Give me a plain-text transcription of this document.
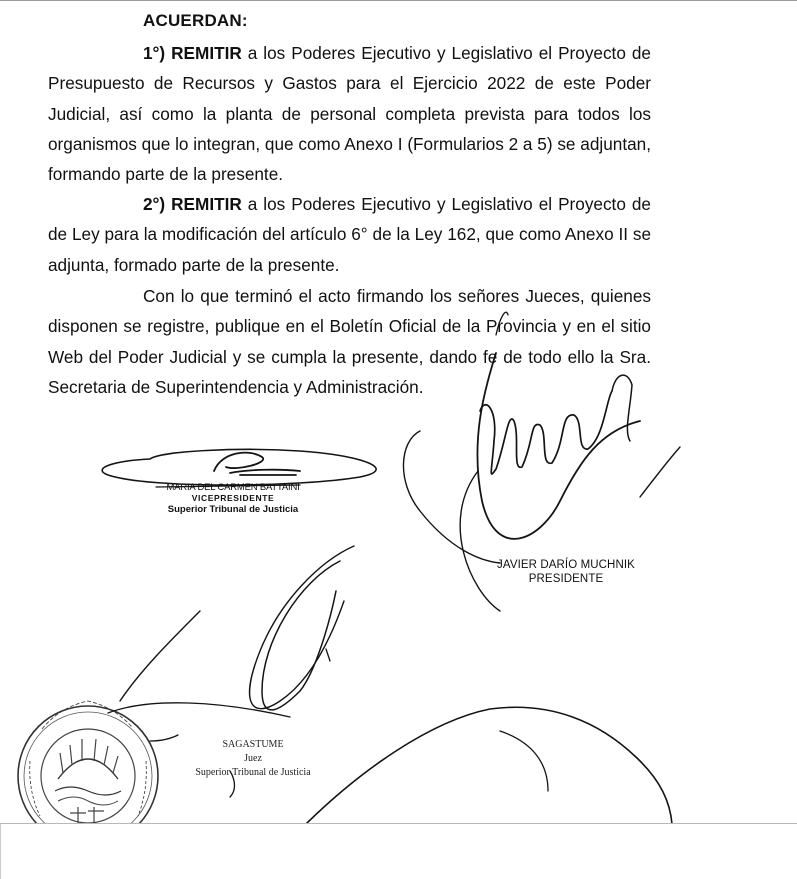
ACUERDAN:

1°) REMITIR a los Poderes Ejecutivo y Legislativo el Proyecto de Presupuesto de Recursos y Gastos para el Ejercicio 2022 de este Poder Judicial, así como la planta de personal completa prevista para todos los organismos que lo integran, que como Anexo I (Formularios 2 a 5) se adjuntan, formando parte de la presente.

2°) REMITIR a los Poderes Ejecutivo y Legislativo el Proyecto de de Ley para la modificación del artículo 6° de la Ley 162, que como Anexo II se adjunta, formado parte de la presente.

Con lo que terminó el acto firmando los señores Jueces, quienes disponen se registre, publique en el Boletín Oficial de la Provincia y en el sitio Web del Poder Judicial y se cumpla la presente, dando fe de todo ello la Sra. Secretaria de Superintendencia y Administración.

MARIA DEL CARMEN BATTAINI
VICEPRESIDENTE
Superior Tribunal de Justicia
JAVIER DARÍO MUCHNIK
PRESIDENTE
SAGASTUME
Juez
Superior Tribunal de Justicia
